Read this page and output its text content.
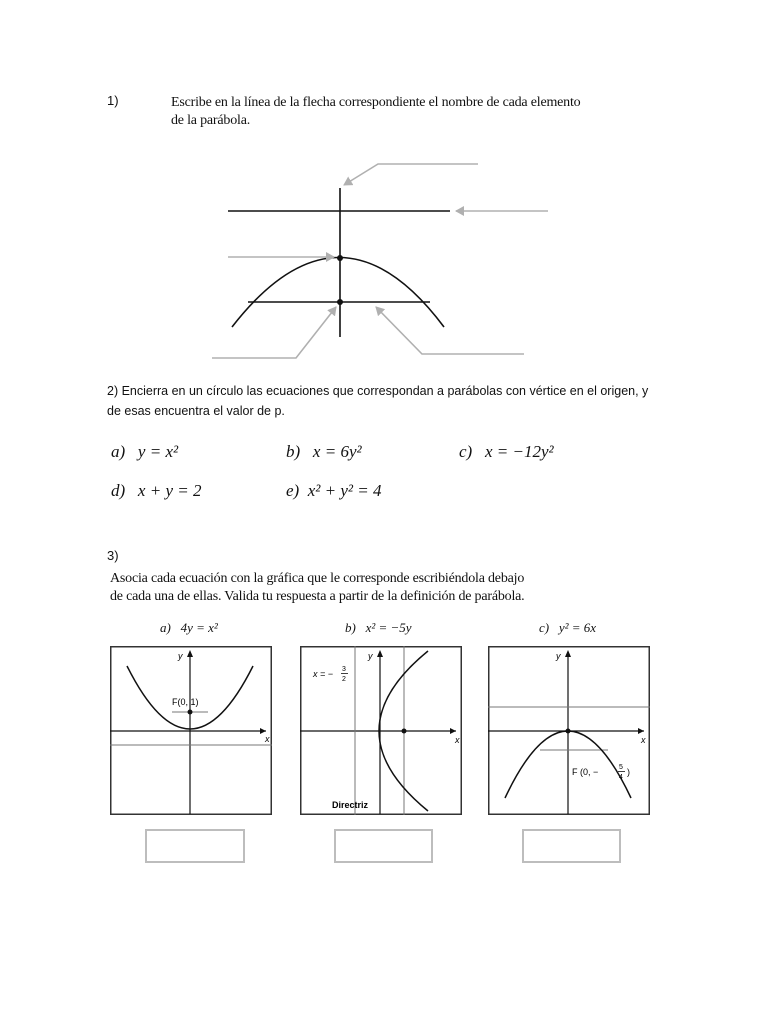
1)	Escribe en la línea de la flecha correspondiente el nombre de cada elemento
de la parábola.
2) Encierra en un círculo las ecuaciones que correspondan a parábolas con vértice en el origen, y
de esas encuentra el valor de p.
a) y = x²	b) x = 6y²	c) x = −12y²
d) x + y = 2	e) x² + y² = 4
3)
Asocia cada ecuación con la gráfica que le corresponde escribiéndola debajo
de cada una de ellas. Valida tu respuesta a partir de la definición de parábola.
a) 4y = x²	b) x² = −5y	c) y² = 6x
x
y
F(0, 1)
x
y
x = − 3
2
Directriz
x
y
F (0, −	5
4
)
